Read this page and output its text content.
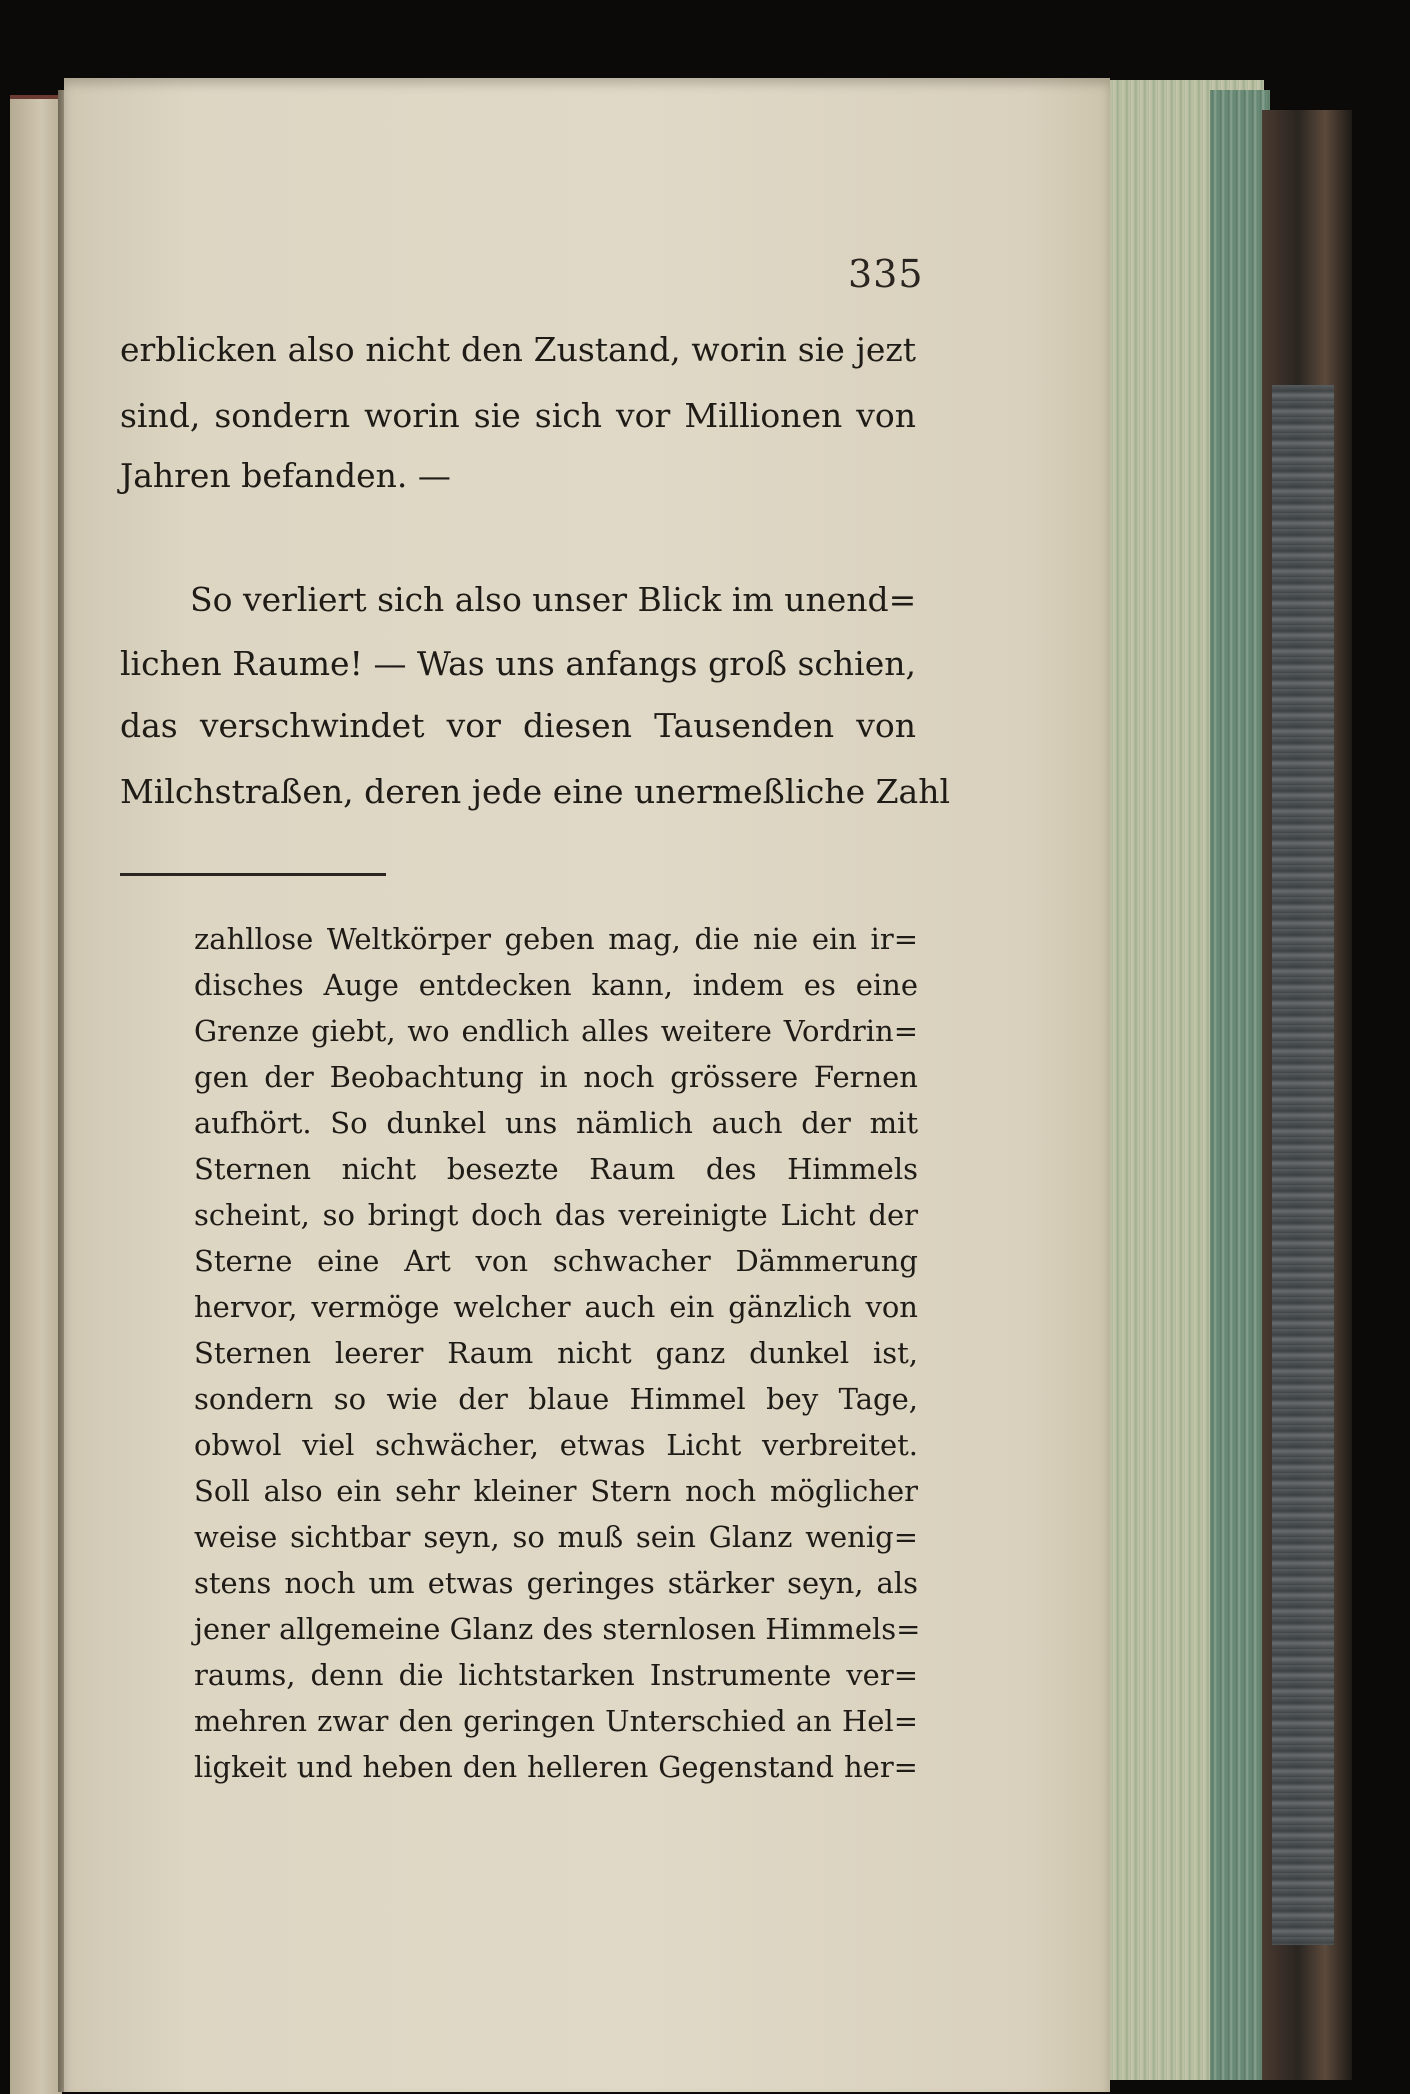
335
erblicken also nicht den Zustand, worin sie jezt
sind, sondern worin sie sich vor Millionen von
Jahren befanden. —
So verliert sich also unser Blick im unend=
lichen Raume! — Was uns anfangs groß schien,
das verschwindet vor diesen Tausenden von
Milchstraßen, deren jede eine unermeßliche Zahl
zahllose Weltkörper geben mag, die nie ein ir=
disches Auge entdecken kann, indem es eine
Grenze giebt, wo endlich alles weitere Vordrin=
gen der Beobachtung in noch grössere Fernen
aufhört. So dunkel uns nämlich auch der mit
Sternen nicht besezte Raum des Himmels
scheint, so bringt doch das vereinigte Licht der
Sterne eine Art von schwacher Dämmerung
hervor, vermöge welcher auch ein gänzlich von
Sternen leerer Raum nicht ganz dunkel ist,
sondern so wie der blaue Himmel bey Tage,
obwol viel schwächer, etwas Licht verbreitet.
Soll also ein sehr kleiner Stern noch möglicher
weise sichtbar seyn, so muß sein Glanz wenig=
stens noch um etwas geringes stärker seyn, als
jener allgemeine Glanz des sternlosen Himmels=
raums, denn die lichtstarken Instrumente ver=
mehren zwar den geringen Unterschied an Hel=
ligkeit und heben den helleren Gegenstand her=
